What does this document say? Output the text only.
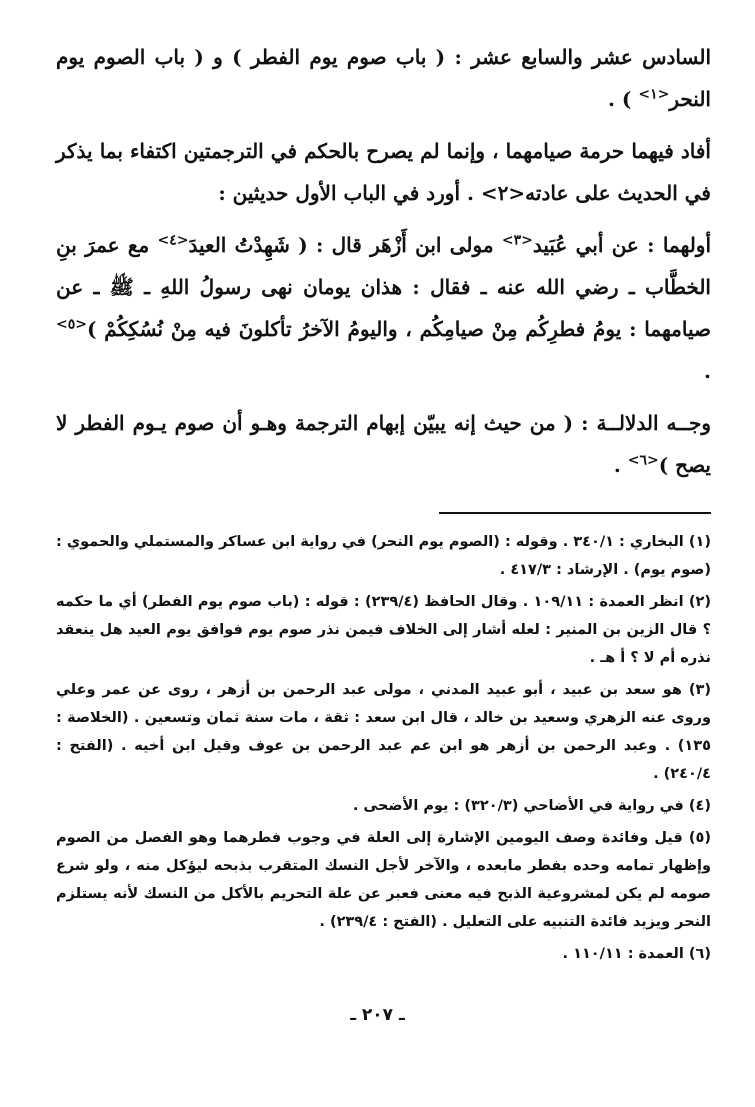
السادس عشر والسابع عشر : ( باب صوم يوم الفطر ) و ( باب الصوم يوم النحر$^{<١>}$ ) .

أفاد فيهما حرمة صيامهما ، وإنما لم يصرح بالحكم في الترجمتين اكتفاء بما يذكر في الحديث على عادته<٢> . أورد في الباب الأول حديثين :

أولهما : عن أبي عُبَيد$^{<٣>}$ مولى ابن أَزْهَر قال : ( شَهِدْتُ العيدَ$^{<٤>}$ مع عمرَ بنِ الخطَّاب ـ رضي الله عنه ـ فقال : هذان يومان نهى رسولُ اللهِ ـ ﷺ ـ عن صيامهما : يومُ فطرِكُم مِنْ صيامِكُم ، واليومُ الآخرُ تأكلونَ فيه مِنْ نُسُكِكُمْ )$^{<٥>}$ .

وجــه الدلالــة : ( من حيث إنه يبيّن إبهام الترجمة وهـو أن صوم يـوم الفطر لا يصح )$^{<٦>}$ .

(١) البخاري : ٣٤٠/١ . وقوله : (الصوم يوم النحر) في رواية ابن عساكر والمستملي والحموي : (صوم يوم) . الإرشاد : ٤١٧/٣ .

(٢) انظر العمدة : ١٠٩/١١ . وقال الحافظ (٢٣٩/٤) : قوله : (باب صوم يوم الفطر) أي ما حكمه ؟ قال الزين بن المنير : لعله أشار إلى الخلاف فيمن نذر صوم يوم فوافق يوم العيد هل ينعقد نذره أم لا ؟ أ هـ .

(٣) هو سعد بن عبيد ، أبو عبيد المدني ، مولى عبد الرحمن بن أزهر ، روى عن عمر وعلي وروى عنه الزهري وسعيد بن خالد ، قال ابن سعد : ثقة ، مات سنة ثمان وتسعين . (الخلاصة : ١٣٥) . وعبد الرحمن بن أزهر هو ابن عم عبد الرحمن بن عوف وقيل ابن أخيه . (الفتح : ٢٤٠/٤) .

(٤) في رواية في الأضاحي (٣٢٠/٣) : يوم الأضحى .

(٥) قيل وفائدة وصف اليومين الإشارة إلى العلة في وجوب فطرهما وهو الفصل من الصوم وإظهار تمامه وحده بفطر مابعده ، والآخر لأجل النسك المتقرب بذبحه ليؤكل منه ، ولو شرع صومه لم يكن لمشروعية الذبح فيه معنى فعبر عن علة التحريم بالأكل من النسك لأنه يستلزم النحر ويزيد فائدة التنبيه على التعليل . (الفتح : ٢٣٩/٤) .

(٦) العمدة : ١١٠/١١ .

ـ ٢٠٧ ـ
